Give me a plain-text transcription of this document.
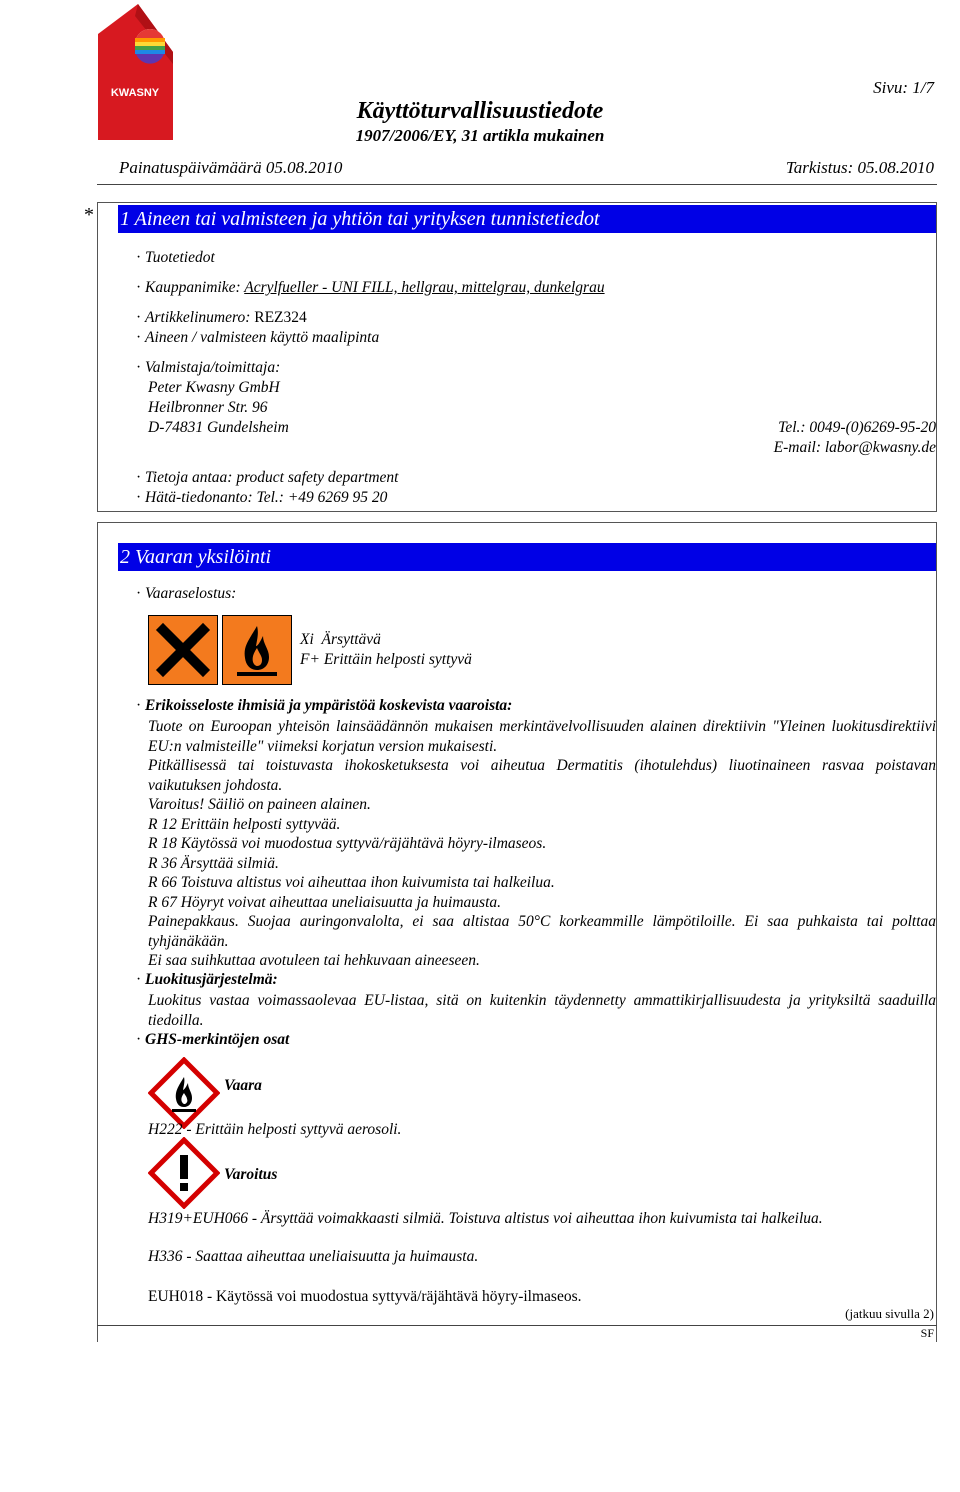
KWASNY	Sivu: 1/7
Käyttöturvallisuustiedote
1907/2006/EY, 31 artikla mukainen
Painatuspäivämäärä 05.08.2010	Tarkistus: 05.08.2010
* 1 Aineen tai valmisteen ja yhtiön tai yrityksen tunnistetiedot
· Tuotetiedot
· Kauppanimike: Acrylfueller - UNI FILL, hellgrau, mittelgrau, dunkelgrau
· Artikkelinumero: REZ324
· Aineen / valmisteen käyttö maalipinta
· Valmistaja/toimittaja:
Peter Kwasny GmbH
Heilbronner Str. 96
D-74831 Gundelsheim	Tel.: 0049-(0)6269-95-20
E-mail: labor@kwasny.de
· Tietoja antaa: product safety department
· Hätä-tiedonanto: Tel.: +49 6269 95 20
2 Vaaran yksilöinti
· Vaaraselostus:
Xi Ärsyttävä
F+ Erittäin helposti syttyvä
· Erikoisseloste ihmisiä ja ympäristöä koskevista vaaroista:
Tuote on Euroopan yhteisön lainsäädännön mukaisen merkintävelvollisuuden alainen direktiivin "Yleinen luokitusdirektiivi EU:n valmisteille" viimeksi korjatun version mukaisesti.
Pitkällisessä tai toistuvasta ihokosketuksesta voi aiheutua Dermatitis (ihotulehdus) liuotinaineen rasvaa poistavan vaikutuksen johdosta.
Varoitus! Säiliö on paineen alainen.
R 12 Erittäin helposti syttyvää.
R 18 Käytössä voi muodostua syttyvä/räjähtävä höyry-ilmaseos.
R 36 Ärsyttää silmiä.
R 66 Toistuva altistus voi aiheuttaa ihon kuivumista tai halkeilua.
R 67 Höyryt voivat aiheuttaa uneliaisuutta ja huimausta.
Painepakkaus. Suojaa auringonvalolta, ei saa altistaa 50°C korkeammille lämpötiloille. Ei saa puhkaista tai polttaa tyhjänäkään.
Ei saa suihkuttaa avotuleen tai hehkuvaan aineeseen.
· Luokitusjärjestelmä:
Luokitus vastaa voimassaolevaa EU-listaa, sitä on kuitenkin täydennetty ammattikirjallisuudesta ja yrityksiltä saaduilla tiedoilla.
· GHS-merkintöjen osat
Vaara
H222 - Erittäin helposti syttyvä aerosoli.
Varoitus
H319+EUH066 - Ärsyttää voimakkaasti silmiä. Toistuva altistus voi aiheuttaa ihon kuivumista tai halkeilua.
H336 - Saattaa aiheuttaa uneliaisuutta ja huimausta.
EUH018 - Käytössä voi muodostua syttyvä/räjähtävä höyry-ilmaseos.
(jatkuu sivulla 2)
SF
